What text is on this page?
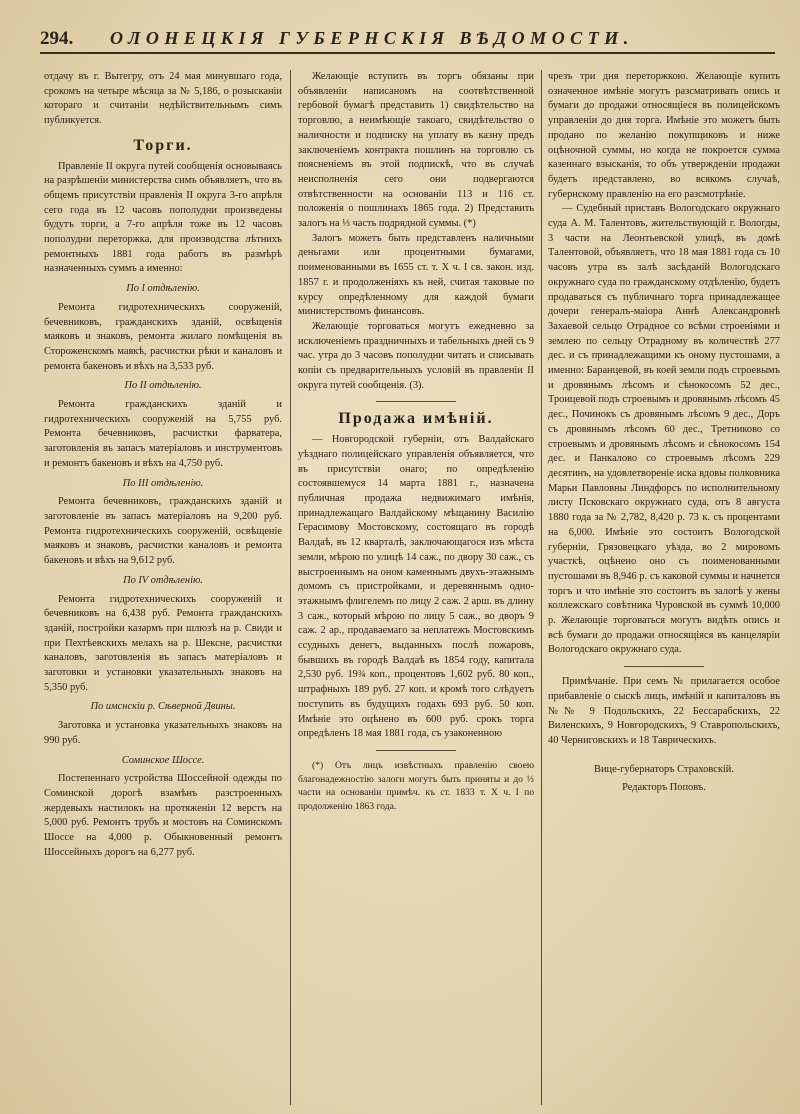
294. ОЛОНЕЦКІЯ ГУБЕРНСКІЯ ВѢДОМОСТИ.

отдачу въ г. Вытегру, отъ 24 мая минувшаго года, срокомъ на четыре мѣсяца за № 5,186, о розысканіи котораго и считаніи недѣйствительнымъ симъ публикуется.

Торги.

Правленіе II округа путей сообщенія основываясь на разрѣшеніи министерства симъ объявляетъ, что въ общемъ присутствіи правленія II округа 3-го апрѣля сего года въ 12 часовъ пополудни произведены будутъ торги, а 7-го апрѣля тоже въ 12 часовъ пополудни переторжка, для производства лѣтнихъ ремонтныхъ 1881 года работъ въ размѣрѣ назначенныхъ суммъ а именно:

По I отдѣленію.

Ремонта гидротехническихъ сооруженій, бечевниковъ, гражданскихъ зданій, освѣщенія маяковъ и знаковъ, ремонта жилаго помѣщенія въ Стороженскомъ маякѣ, расчистки рѣки и каналовъ и ремонта бакеновъ и вѣхъ на 3,533 руб.

По II отдѣленію.

Ремонта гражданскихъ зданій и гидротехническихъ сооруженій на 5,755 руб. Ремонта бечевниковъ, расчистки фарватера, заготовленія въ запасъ матеріаловъ и инструментовъ и ремонтъ бакеновъ и вѣхъ на 4,750 руб.

По III отдѣленію.

Ремонта бечевниковъ, гражданскихъ зданій и заготовленіе въ запасъ матеріаловъ на 9,200 руб. Ремонта гидротехническихъ сооруженій, освѣщеніе маяковъ и знаковъ, расчистки каналовъ и ремонта бакеновъ и вѣхъ на 9,612 руб.

По IV отдѣленію.

Ремонта гидротехническихъ сооруженій и бечевниковъ на 6,438 руб. Ремонта гражданскихъ зданій, постройки казармъ при шлюзѣ на р. Свиди и при Пехтѣевскихъ мелахъ на р. Шексне, расчистки каналовъ, заготовленія въ запасъ матеріаловъ и заготовки и установки указательныхъ знаковъ на 5,350 руб.

По имснскіи р. Сѣверной Двины.

Заготовка и установка указательныхъ знаковъ на 990 руб.

Соминское Шоссе.

Постепеннаго устройства Шоссейной одежды по Соминской дорогѣ взамѣнъ разстроенныхъ жердевыхъ настилокъ на протяженіи 12 верстъ на 5,000 руб. Ремонтъ трубъ и мостовъ на Соминскомъ Шоссе на 4,000 р. Обыкновенный ремонтъ Шоссейныхъ дорогъ на 6,277 руб.

Желающіе вступить въ торгъ обязаны при объявленіи написаномъ на соотвѣтственной гербовой бумагѣ представить 1) свидѣтельство на торговлю, а неимѣющіе такоаго, свидѣтельство о наличности и подписку на уплату въ казну предъ заключеніемъ контракта пошлинъ на торговлю съ поясненіемъ въ этой подпискѣ, что въ случаѣ неисполненія сего они подвергаются отвѣтственности на основаніи 113 и 116 ст. положенія о пошлинахъ 1865 года. 2) Представить залогъ на ⅓ часть подрядной суммы. (*)

Залогъ можетъ быть представленъ наличными деньгами или процентными бумагами, поименованными въ 1655 ст. т. Х ч. I св. закон. изд. 1857 г. и продолженіяхъ къ ней, считая таковые по курсу опредѣленному для каждой бумаги министерствомъ финансовъ.

Желающіе торговаться могутъ ежедневно за исключеніемъ праздничныхъ и табельныхъ дней съ 9 час. утра до 3 часовъ пополудни читать и списывать копіи съ предварительныхъ условій въ правленіи II округа путей сообщенія. (3).

Продажа имѣній.

— Новгородской губерніи, отъ Валдайскаго уѣзднаго полицейскаго управленія объявляется, что въ присутствіи онаго; по опредѣленію состоявшемуся 14 марта 1881 г., назначена публичная продажа недвижимаго имѣнія, принадлежащаго Валдайскому мѣщанину Василію Герасимову Мостовскому, состоящаго въ городѣ Валдаѣ, въ 12 кварталѣ, заключающагося изъ мѣста земли, мѣрою по улицѣ 14 саж., по двору 30 саж., съ выстроеннымъ на оном каменнымъ двухъ-этажнымъ домомъ съ пристройками, и деревяннымъ одно-этажнымъ флигелемъ по лицу 2 саж. 2 арш. въ длину 3 саж., который мѣрою по лицу 5 саж., во дворъ 9 саж. 2 ар., продаваемаго за неплатежъ Мостовскимъ ссудныхъ денегъ, выданныхъ послѣ пожаровъ, бывшихъ въ городѣ Валдаѣ въ 1854 году, капитала 2,530 руб. 19¾ коп., процентовъ 1,602 руб. 80 коп., штрафныхъ 189 руб. 27 коп. и кромѣ того слѣдуетъ поступить въ будущихъ годахъ 693 руб. 50 коп. Имѣніе это оцѣнено въ 600 руб. срокъ торга опредѣленъ 18 мая 1881 года, съ узаконенною

(*) Отъ лицъ извѣстныхъ правленію своею благонадежностію залоги могутъ быть приняты и до ⅓ части на основаніи примѣч. къ ст. 1833 т. Х ч. I по продолженію 1863 года.

чрезъ три дня переторжкою. Желающіе купить означенное имѣніе могутъ разсматривать опись и бумаги до продажи относящіеся въ полицейскомъ управленіи до дня торга. Имѣніе это можетъ быть продано по желанію покупщиковъ и ниже оцѣночной суммы, но когда не покроется сумма казеннаго взысканія, то объ утвержденіи продажи будетъ представлено, во всякомъ случаѣ, губернскому правленію на его разсмотрѣніе.

— Судебный приставъ Вологодскаго окружнаго суда А. М. Талентовъ, жительствующій г. Вологды, 3 части на Леонтьевской улицѣ, въ домѣ Талентовой, объявляетъ, что 18 мая 1881 года съ 10 часовъ утра въ залѣ засѣданій Вологодскаго окружнаго суда по гражданскому отдѣленію, будетъ продаваться съ публичнаго торга принадлежащее дочери генералъ-маіора Аннѣ Александровнѣ Захаевой сельцо Отрадное со всѣми строеніями и землею по сельцу Отрадному въ количествѣ 277 дес. и съ принадлежащими къ оному пустошами, а именно: Баранцевой, въ коей земли подъ строевымъ и дровянымъ лѣсомъ и сѣнокосомъ 52 дес., Троицевой подъ строевымъ и дровянымъ лѣсомъ 45 дес., Починокъ съ дровянымъ лѣсомъ 9 дес., Доръ съ дровянымъ лѣсомъ 60 дес., Третниково со строевымъ и дровянымъ лѣсомъ и сѣнокосомъ 154 дес. и Панкалово со строевымъ лѣсомъ 229 десятинъ, на удовлетвореніе иска вдовы полковника Марьи Павловны Линдфорсъ по исполнительному листу Псковскаго окружнаго суда, отъ 8 августа 1880 года за № 2,782, 8,420 р. 73 к. съ процентами на 6,000. Имѣніе это состоитъ Вологодской губерніи, Грязовецкаго уѣзда, во 2 мировомъ участкѣ, оцѣнено оно съ поименованными пустошами въ 8,946 р. съ каковой суммы и начнется торгъ и что имѣніе это состоитъ въ залогѣ у жены коллежскаго совѣтника Чуровской въ суммѣ 10,000 р. Желающіе торговаться могутъ видѣть опись и всѣ бумаги до продажи относящіяся въ канцеляріи Вологодскаго окружнаго суда.

Примѣчаніе. При семъ № прилагается особое прибавленіе о сыскѣ лицъ, имѣній и капиталовъ въ №№ 9 Подольскихъ, 22 Бессарабскихъ, 22 Виленскихъ, 9 Новгородскихъ, 9 Ставропольскихъ, 40 Черниговскихъ и 18 Таврическихъ.

Вице-губернаторъ Страховскій.

Редакторъ Поповъ.
